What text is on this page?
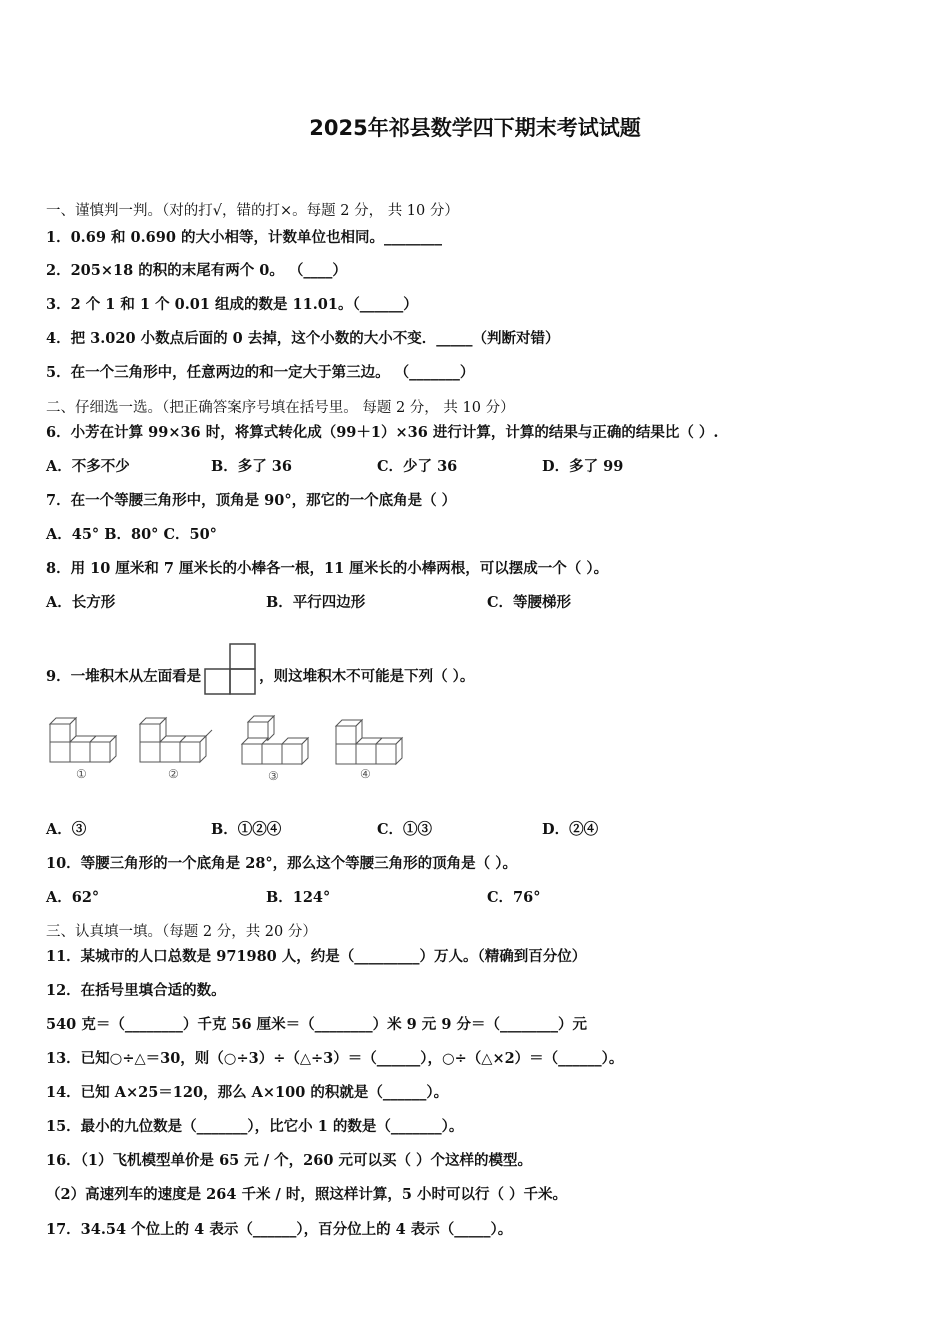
2025年祁县数学四下期末考试试题
一、谨慎判一判。（对的打√，错的打×。每题 2 分， 共 10 分）
1．0.69 和 0.690 的大小相等，计数单位也相同。________
2．205×18 的积的末尾有两个 0。 （____）
3．2 个 1 和 1 个 0.01 组成的数是 11.01。（______）
4．把 3.020 小数点后面的 0 去掉，这个小数的大小不变．_____（判断对错）
5．在一个三角形中，任意两边的和一定大于第三边。 （_______）
二、仔细选一选。（把正确答案序号填在括号里。 每题 2 分， 共 10 分）
6．小芳在计算 99×36 时，将算式转化成（99＋1）×36 进行计算，计算的结果与正确的结果比（ ）.
A．不多不少	B．多了 36	C．少了 36	D．多了 99
7．在一个等腰三角形中，顶角是 90°，那它的一个底角是（ ）
A．45° B．80° C．50°
8．用 10 厘米和 7 厘米长的小棒各一根，11 厘米长的小棒两根，可以摆成一个（ ）。
A．长方形	B．平行四边形	C．等腰梯形
9．一堆积木从左面看是	，则这堆积木不可能是下列（ ）。
①	②	③	④
A．③	B．①②④	C．①③	D．②④
10．等腰三角形的一个底角是 28°，那么这个等腰三角形的顶角是（ ）。
A．62°	B．124°	C．76°
三、认真填一填。（每题 2 分，共 20 分）
11．某城市的人口总数是 971980 人，约是（_________）万人。（精确到百分位）
12．在括号里填合适的数。
540 克＝（________）千克 56 厘米＝（________）米 9 元 9 分＝（________）元
13．已知○÷△＝30，则（○÷3）÷（△÷3）＝（______），○÷（△×2）＝（______）。
14．已知 A×25＝120，那么 A×100 的积就是（______）。
15．最小的九位数是（_______），比它小 1 的数是（_______）。
16．（1）飞机模型单价是 65 元 / 个，260 元可以买（ ）个这样的模型。
（2）高速列车的速度是 264 千米 / 时，照这样计算，5 小时可以行（ ）千米。
17．34.54 个位上的 4 表示（______），百分位上的 4 表示（_____）。
